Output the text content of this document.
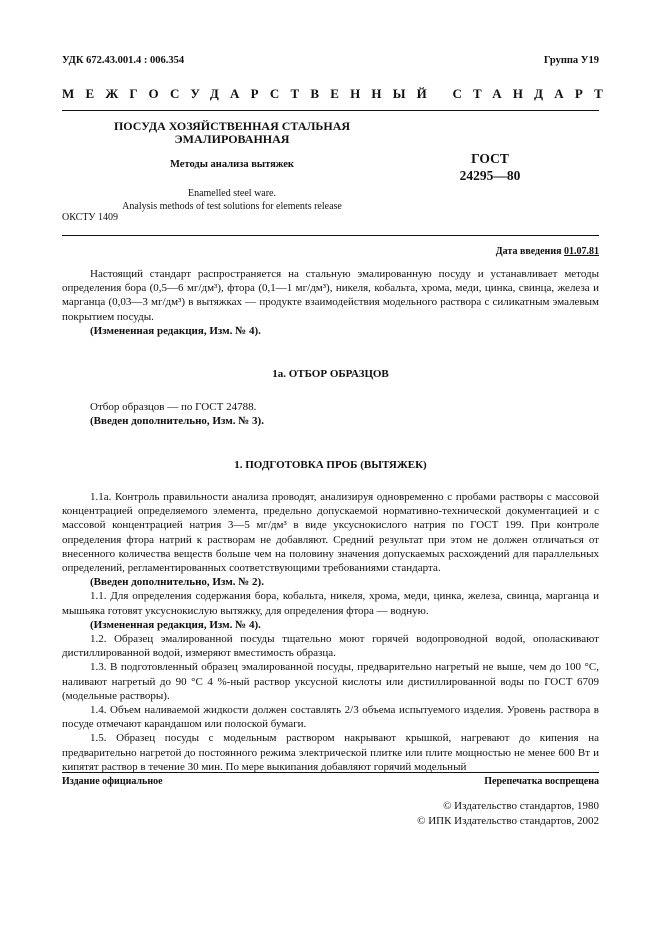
УДК 672.43.001.4 : 006.354	Группа У19
МЕЖГОСУДАРСТВЕННЫЙ СТАНДАРТ
ПОСУДА ХОЗЯЙСТВЕННАЯ СТАЛЬНАЯ
ЭМАЛИРОВАННАЯ
Методы анализа вытяжек
Enamelled steel ware.
Analysis methods of test solutions for elements release
ГОСТ
24295—80
ОКСТУ 1409
Дата введения 01.07.81

Настоящий стандарт распространяется на стальную эмалированную посуду и устанавливает методы определения бора (0,5—6 мг/дм³), фтора (0,1—1 мг/дм³), никеля, кобальта, хрома, меди, цинка, свинца, железа и марганца (0,03—3 мг/дм³) в вытяжках — продукте взаимодействия модельного раствора с силикатным эмалевым покрытием посуды.

(Измененная редакция, Изм. № 4).

1а. ОТБОР ОБРАЗЦОВ

Отбор образцов — по ГОСТ 24788.

(Введен дополнительно, Изм. № 3).

1. ПОДГОТОВКА ПРОБ (ВЫТЯЖЕК)

1.1а. Контроль правильности анализа проводят, анализируя одновременно с пробами растворы с массовой концентрацией определяемого элемента, предельно допускаемой нормативно-технической документацией и с массовой концентрацией натрия 3—5 мг/дм³ в виде уксуснокислого натрия по ГОСТ 199. При контроле определения фтора натрий к растворам не добавляют. Средний результат при этом не должен отличаться от внесенного количества веществ больше чем на половину значения допускаемых расхождений для параллельных определений, регламентированных соответствующими требованиями стандарта.

(Введен дополнительно, Изм. № 2).

1.1. Для определения содержания бора, кобальта, никеля, хрома, меди, цинка, железа, свинца, марганца и мышьяка готовят уксуснокислую вытяжку, для определения фтора — водную.

(Измененная редакция, Изм. № 4).

1.2. Образец эмалированной посуды тщательно моют горячей водопроводной водой, ополаскивают дистиллированной водой, измеряют вместимость образца.

1.3. В подготовленный образец эмалированной посуды, предварительно нагретый не выше, чем до 100 °С, наливают нагретый до 90 °С 4 %-ный раствор уксусной кислоты или дистиллированной воды по ГОСТ 6709 (модельные растворы).

1.4. Объем наливаемой жидкости должен составлять 2/3 объема испытуемого изделия. Уровень раствора в посуде отмечают карандашом или полоской бумаги.

1.5. Образец посуды с модельным раствором накрывают крышкой, нагревают до кипения на предварительно нагретой до постоянного режима электрической плитке или плите мощностью не менее 600 Вт и кипятят раствор в течение 30 мин. По мере выкипания добавляют горячий модельный

Издание официальное	Перепечатка воспрещена
© Издательство стандартов, 1980
© ИПК Издательство стандартов, 2002
